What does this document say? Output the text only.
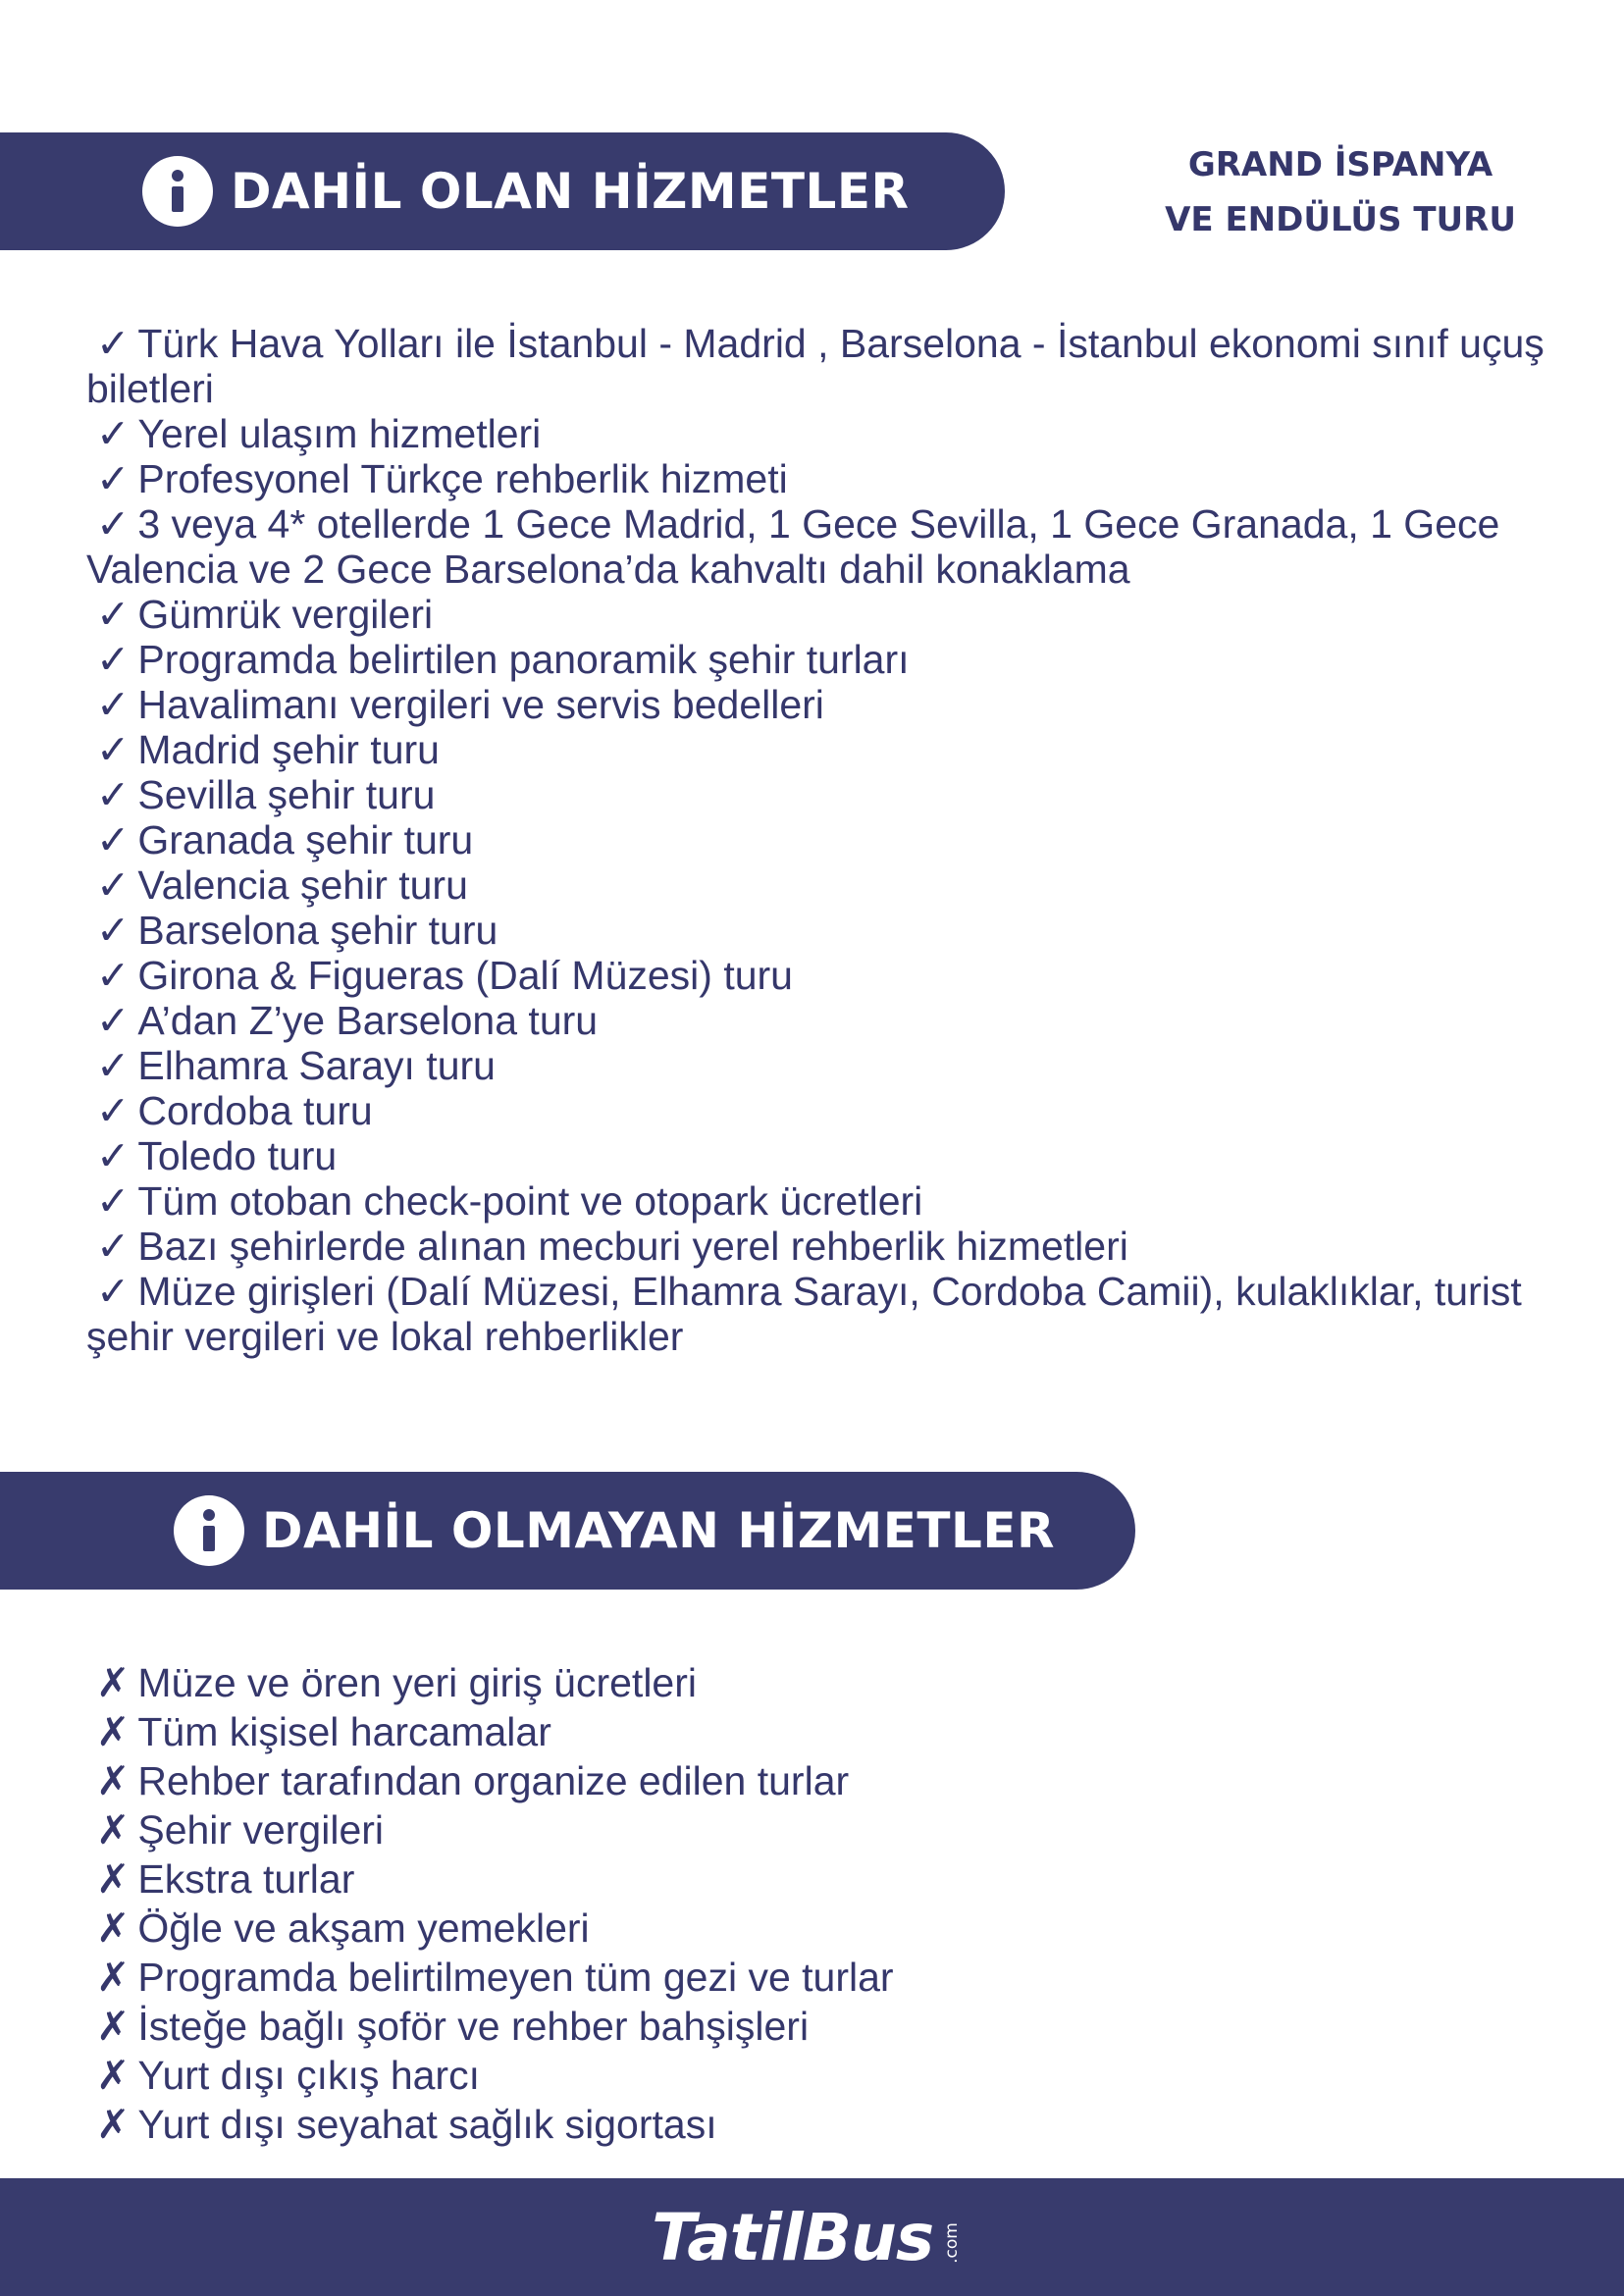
DAHİL OLAN HİZMETLER	GRAND İSPANYA
VE ENDÜLÜS TURU
✓ Türk Hava Yolları ile İstanbul - Madrid , Barselona - İstanbul ekonomi sınıf uçuş biletleri
✓ Yerel ulaşım hizmetleri
✓ Profesyonel Türkçe rehberlik hizmeti
✓ 3 veya 4* otellerde 1 Gece Madrid, 1 Gece Sevilla, 1 Gece Granada, 1 Gece Valencia ve 2 Gece Barselona’da kahvaltı dahil konaklama
✓ Gümrük vergileri
✓ Programda belirtilen panoramik şehir turları
✓ Havalimanı vergileri ve servis bedelleri
✓ Madrid şehir turu
✓ Sevilla şehir turu
✓ Granada şehir turu
✓ Valencia şehir turu
✓ Barselona şehir turu
✓ Girona & Figueras (Dalí Müzesi) turu
✓ A’dan Z’ye Barselona turu
✓ Elhamra Sarayı turu
✓ Cordoba turu
✓ Toledo turu
✓ Tüm otoban check-point ve otopark ücretleri
✓ Bazı şehirlerde alınan mecburi yerel rehberlik hizmetleri
✓ Müze girişleri (Dalí Müzesi, Elhamra Sarayı, Cordoba Camii), kulaklıklar, turist şehir vergileri ve lokal rehberlikler
DAHİL OLMAYAN HİZMETLER
✗ Müze ve ören yeri giriş ücretleri
✗ Tüm kişisel harcamalar
✗ Rehber tarafından organize edilen turlar
✗ Şehir vergileri
✗ Ekstra turlar
✗ Öğle ve akşam yemekleri
✗ Programda belirtilmeyen tüm gezi ve turlar
✗ İsteğe bağlı şoför ve rehber bahşişleri
✗ Yurt dışı çıkış harcı
✗ Yurt dışı seyahat sağlık sigortası
TatilBus .com
